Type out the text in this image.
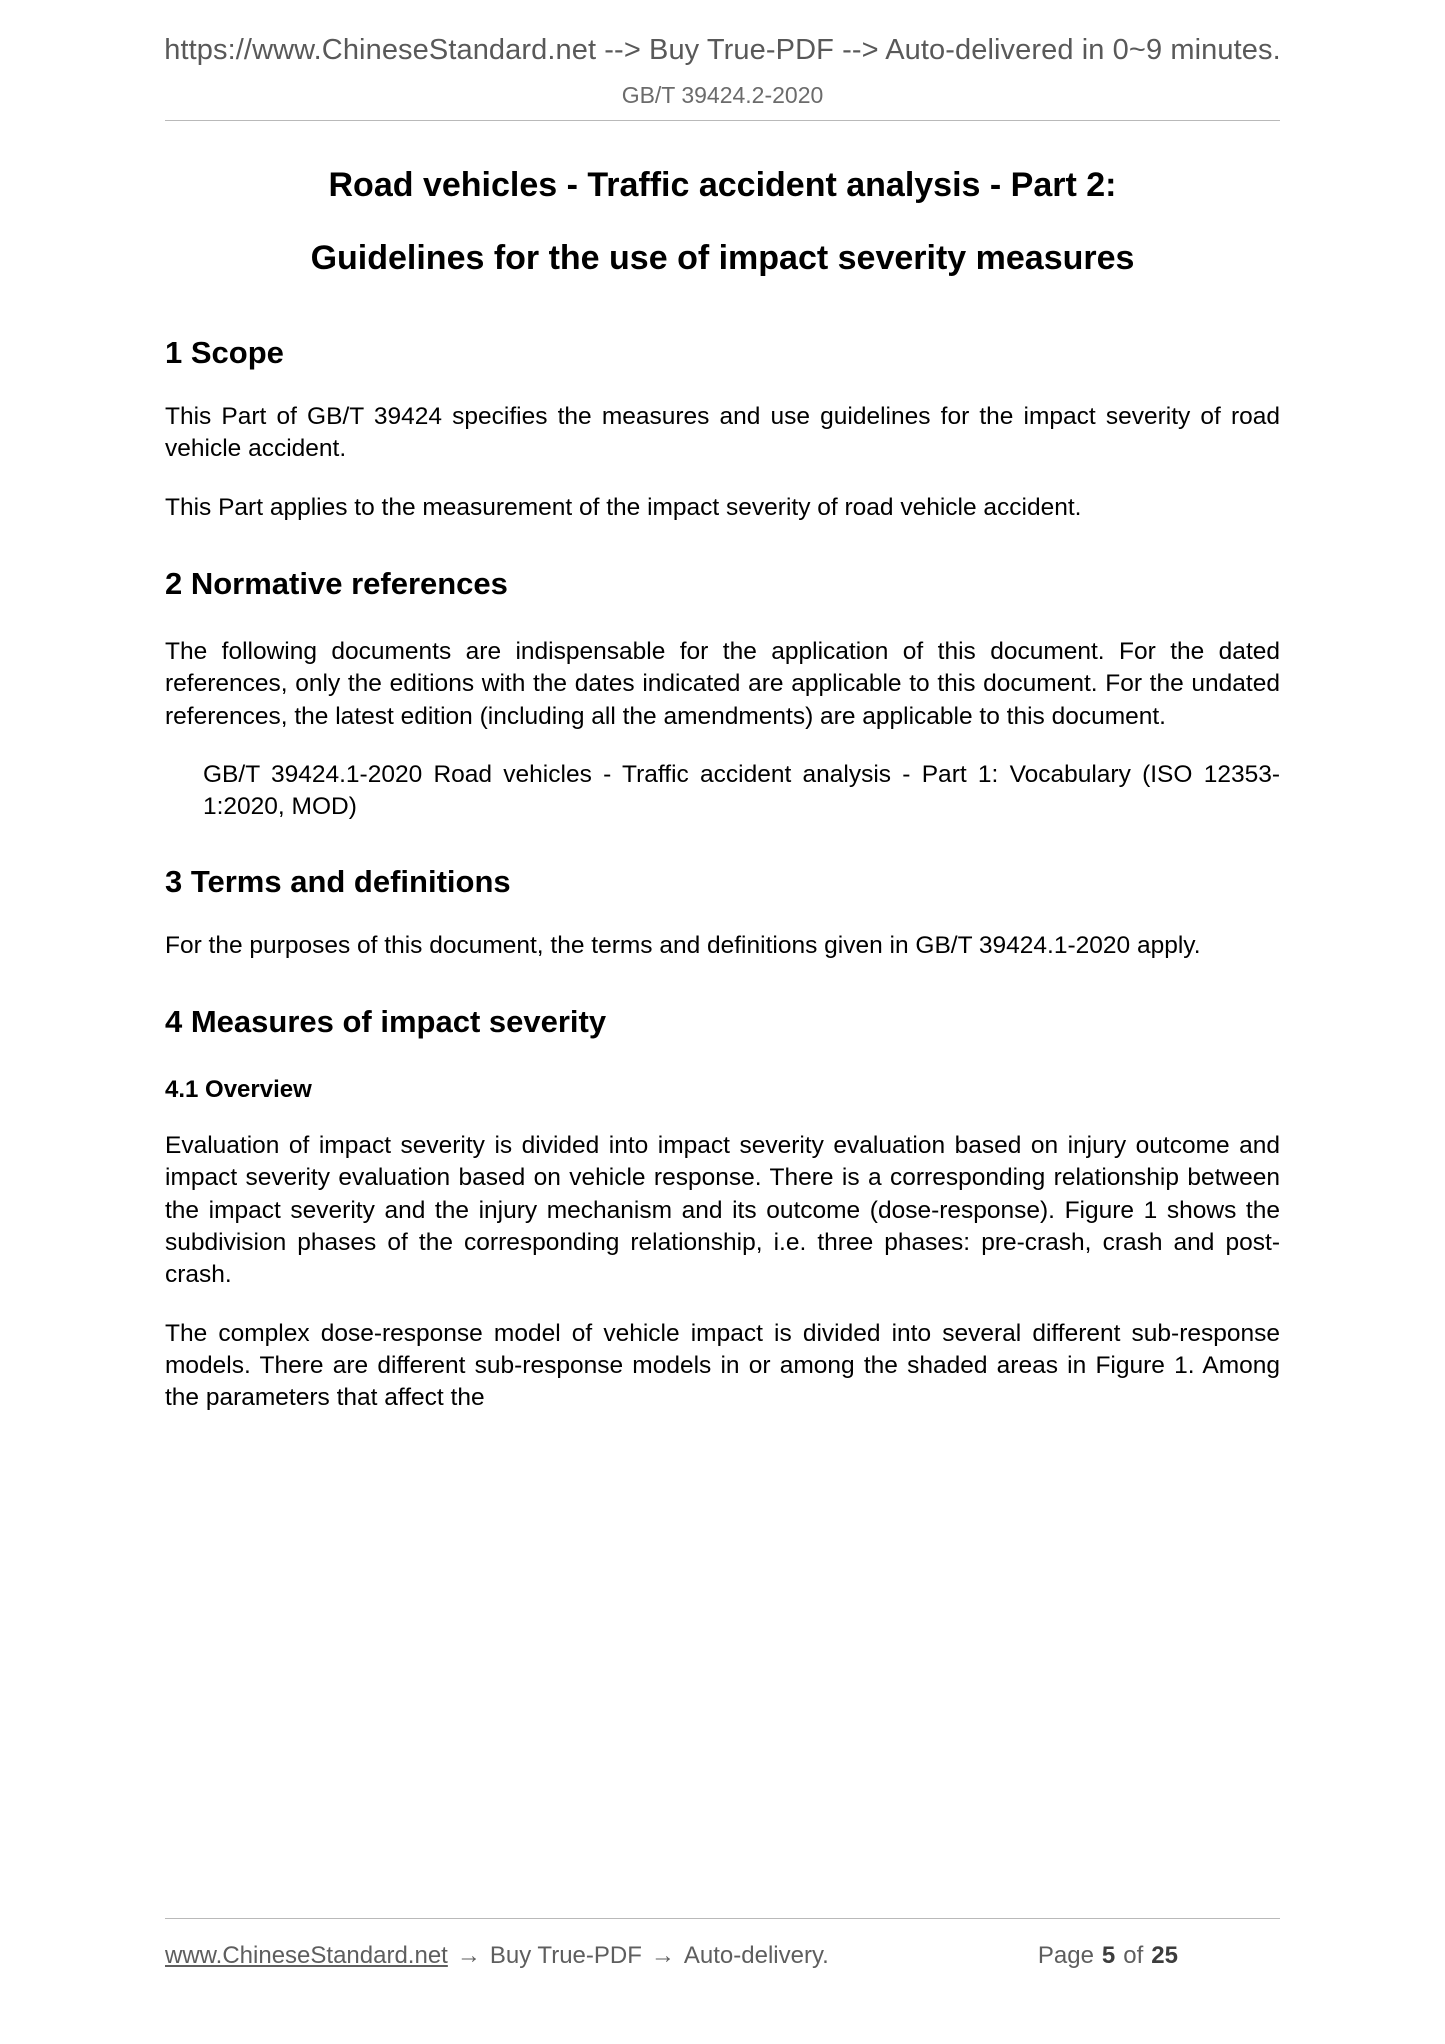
https://www.ChineseStandard.net --> Buy True-PDF --> Auto-delivered in 0~9 minutes.
GB/T 39424.2-2020
Road vehicles - Traffic accident analysis - Part 2:
Guidelines for the use of impact severity measures
1 Scope

This Part of GB/T 39424 specifies the measures and use guidelines for the impact severity of road vehicle accident.

This Part applies to the measurement of the impact severity of road vehicle accident.

2 Normative references

The following documents are indispensable for the application of this document. For the dated references, only the editions with the dates indicated are applicable to this document. For the undated references, the latest edition (including all the amendments) are applicable to this document.

GB/T 39424.1-2020 Road vehicles - Traffic accident analysis - Part 1: Vocabulary (ISO 12353-1:2020, MOD)

3 Terms and definitions

For the purposes of this document, the terms and definitions given in GB/T 39424.1-2020 apply.

4 Measures of impact severity
4.1 Overview

Evaluation of impact severity is divided into impact severity evaluation based on injury outcome and impact severity evaluation based on vehicle response. There is a corresponding relationship between the impact severity and the injury mechanism and its outcome (dose-response). Figure 1 shows the subdivision phases of the corresponding relationship, i.e. three phases: pre-crash, crash and post-crash.

The complex dose-response model of vehicle impact is divided into several different sub-response models. There are different sub-response models in or among the shaded areas in Figure 1. Among the parameters that affect the

www.ChineseStandard.net → Buy True-PDF → Auto-delivery.	Page 5 of 25
